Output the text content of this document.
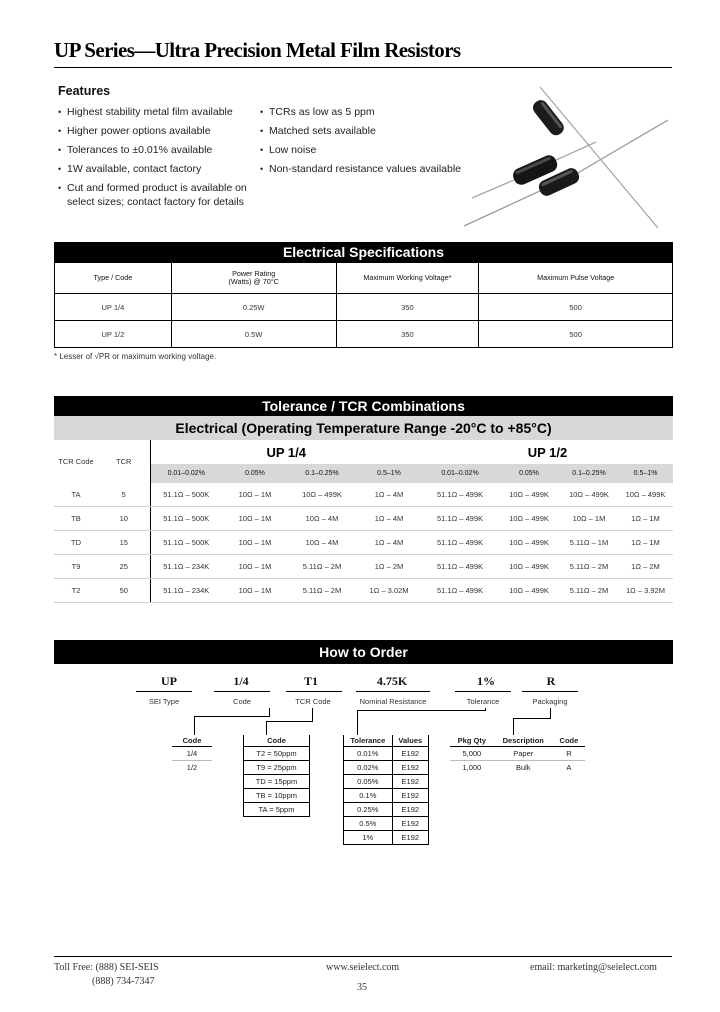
UP Series—Ultra Precision Metal Film Resistors
Features
• Highest stability metal film available
• Higher power options available
• Tolerances to ±0.01% available
• 1W available, contact factory
• Cut and formed product is available on
select sizes; contact factory for details
• TCRs as low as 5 ppm
• Matched sets available
• Low noise
• Non-standard resistance values available
Electrical Specifications
Type / Code	Power Rating
(Watts) @ 70°C	Maximum Working Voltage*	Maximum Pulse Voltage
UP 1/4	0.25W	350	500
UP 1/2	0.5W	350	500
* Lesser of √PR or maximum working voltage.
Tolerance / TCR Combinations
Electrical (Operating Temperature Range -20°C to +85°C)
TCR Code	TCR	UP 1/4				UP 1/2			
		0.01–0.02%	0.05%	0.1–0.25%	0.5–1%	0.01–0.02%	0.05%	0.1–0.25%	0.5–1%
TA	5	51.1Ω – 500K	10Ω – 1M	10Ω – 499K	1Ω – 4M	51.1Ω – 499K	10Ω – 499K	10Ω – 499K	10Ω – 499K
TB	10	51.1Ω – 500K	10Ω – 1M	10Ω – 4M	1Ω – 4M	51.1Ω – 499K	10Ω – 499K	10Ω – 1M	1Ω – 1M
TD	15	51.1Ω – 500K	10Ω – 1M	10Ω – 4M	1Ω – 4M	51.1Ω – 499K	10Ω – 499K	5.11Ω – 1M	1Ω – 1M
T9	25	51.1Ω – 234K	10Ω – 1M	5.11Ω – 2M	1Ω – 2M	51.1Ω – 499K	10Ω – 499K	5.11Ω – 2M	1Ω – 2M
T2	50	51.1Ω – 234K	10Ω – 1M	5.11Ω – 2M	1Ω – 3.02M	51.1Ω – 499K	10Ω – 499K	5.11Ω – 2M	1Ω – 3.92M
How to Order
UP	1/4	T1	4.75K	1%	R
SEI Type	Code	TCR Code	Nominal Resistance	Tolerance	Packaging
Code
1/4
1/2
Code
T2 = 50ppm
T9 = 25ppm
TD = 15ppm
TB = 10ppm
TA = 5ppm
Tolerance	Values
0.01%	E192
0.02%	E192
0.05%	E192
0.1%	E192
0.25%	E192
0.5%	E192
1%	E192
Pkg Qty	Description	Code
5,000	Paper	R
1,000	Bulk	A
Toll Free: (888) SEI-SEIS
(888) 734-7347
www.seielect.com	email: marketing@seielect.com
35
